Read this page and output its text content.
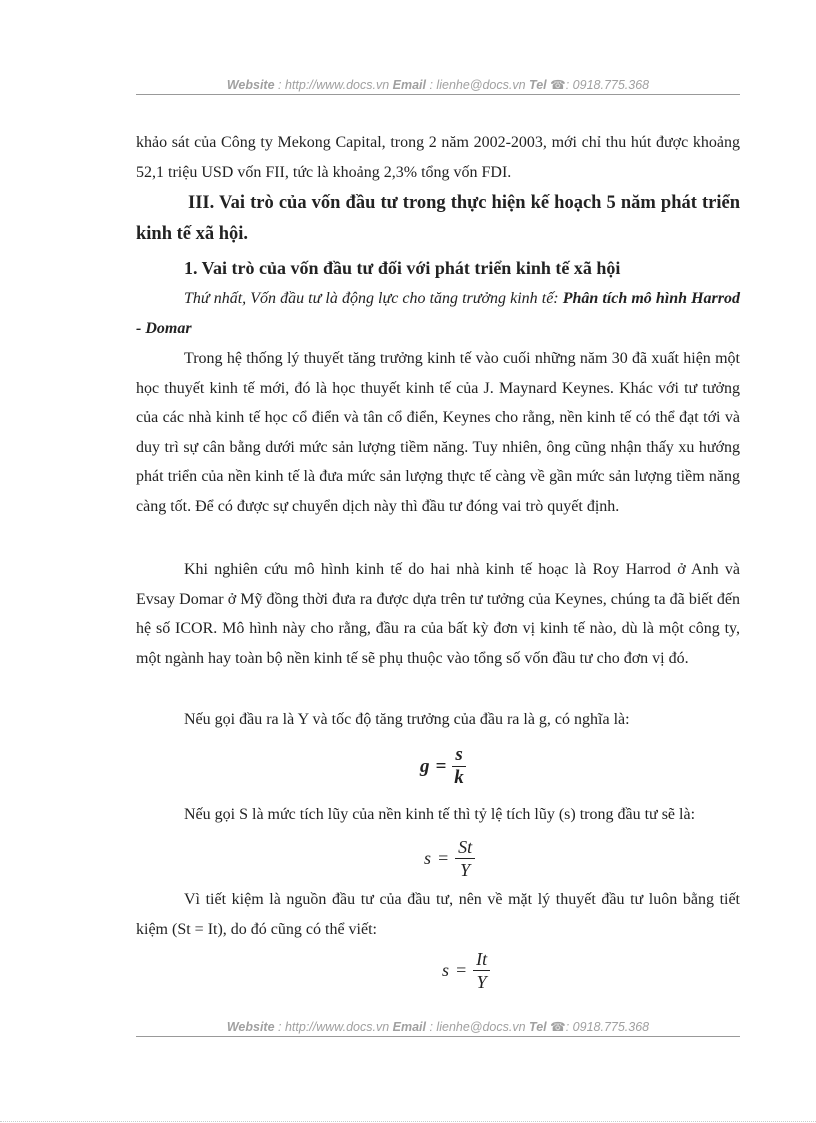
Website : http://www.docs.vn Email : lienhe@docs.vn Tel ☎: 0918.775.368

khảo sát của Công ty Mekong Capital, trong 2 năm 2002-2003, mới chỉ thu hút được khoảng 52,1 triệu USD vốn FII, tức là khoảng 2,3% tổng vốn FDI.

III. Vai trò của vốn đầu tư trong thực hiện kế hoạch 5 năm phát triển kinh tế xã hội.

1. Vai trò của vốn đầu tư đối với phát triển kinh tế xã hội

Thứ nhất, Vốn đầu tư là động lực cho tăng trưởng kinh tế: Phân tích mô hình Harrod - Domar

Trong hệ thống lý thuyết tăng trưởng kinh tế vào cuối những năm 30 đã xuất hiện một học thuyết kinh tế mới, đó là học thuyết kinh tế của J. Maynard Keynes. Khác với tư tưởng của các nhà kinh tế học cổ điển và tân cổ điển, Keynes cho rằng, nền kinh tế có thể đạt tới và duy trì sự cân bằng dưới mức sản lượng tiềm năng. Tuy nhiên, ông cũng nhận thấy xu hướng phát triển của nền kinh tế là đưa mức sản lượng thực tế càng về gần mức sản lượng tiềm năng càng tốt. Để có được sự chuyển dịch này thì đầu tư đóng vai trò quyết định.

Khi nghiên cứu mô hình kinh tế do hai nhà kinh tế hoạc là Roy Harrod ở Anh và Evsay Domar ở Mỹ đồng thời đưa ra được dựa trên tư tưởng của Keynes, chúng ta đã biết đến hệ số ICOR. Mô hình này cho rằng, đầu ra của bất kỳ đơn vị kinh tế nào, dù là một công ty, một ngành hay toàn bộ nền kinh tế sẽ phụ thuộc vào tổng số vốn đầu tư cho đơn vị đó.

Nếu gọi đầu ra là Y và tốc độ tăng trưởng của đầu ra là g, có nghĩa là:

$g = \frac{s}{k}$

Nếu gọi S là mức tích lũy của nền kinh tế thì tỷ lệ tích lũy (s) trong đầu tư sẽ là:

$s = \frac{St}{Y}$

Vì tiết kiệm là nguồn đầu tư của đầu tư, nên về mặt lý thuyết đầu tư luôn bằng tiết kiệm (St = It), do đó cũng có thể viết:

$s = \frac{It}{Y}$
Website : http://www.docs.vn Email : lienhe@docs.vn Tel ☎: 0918.775.368
